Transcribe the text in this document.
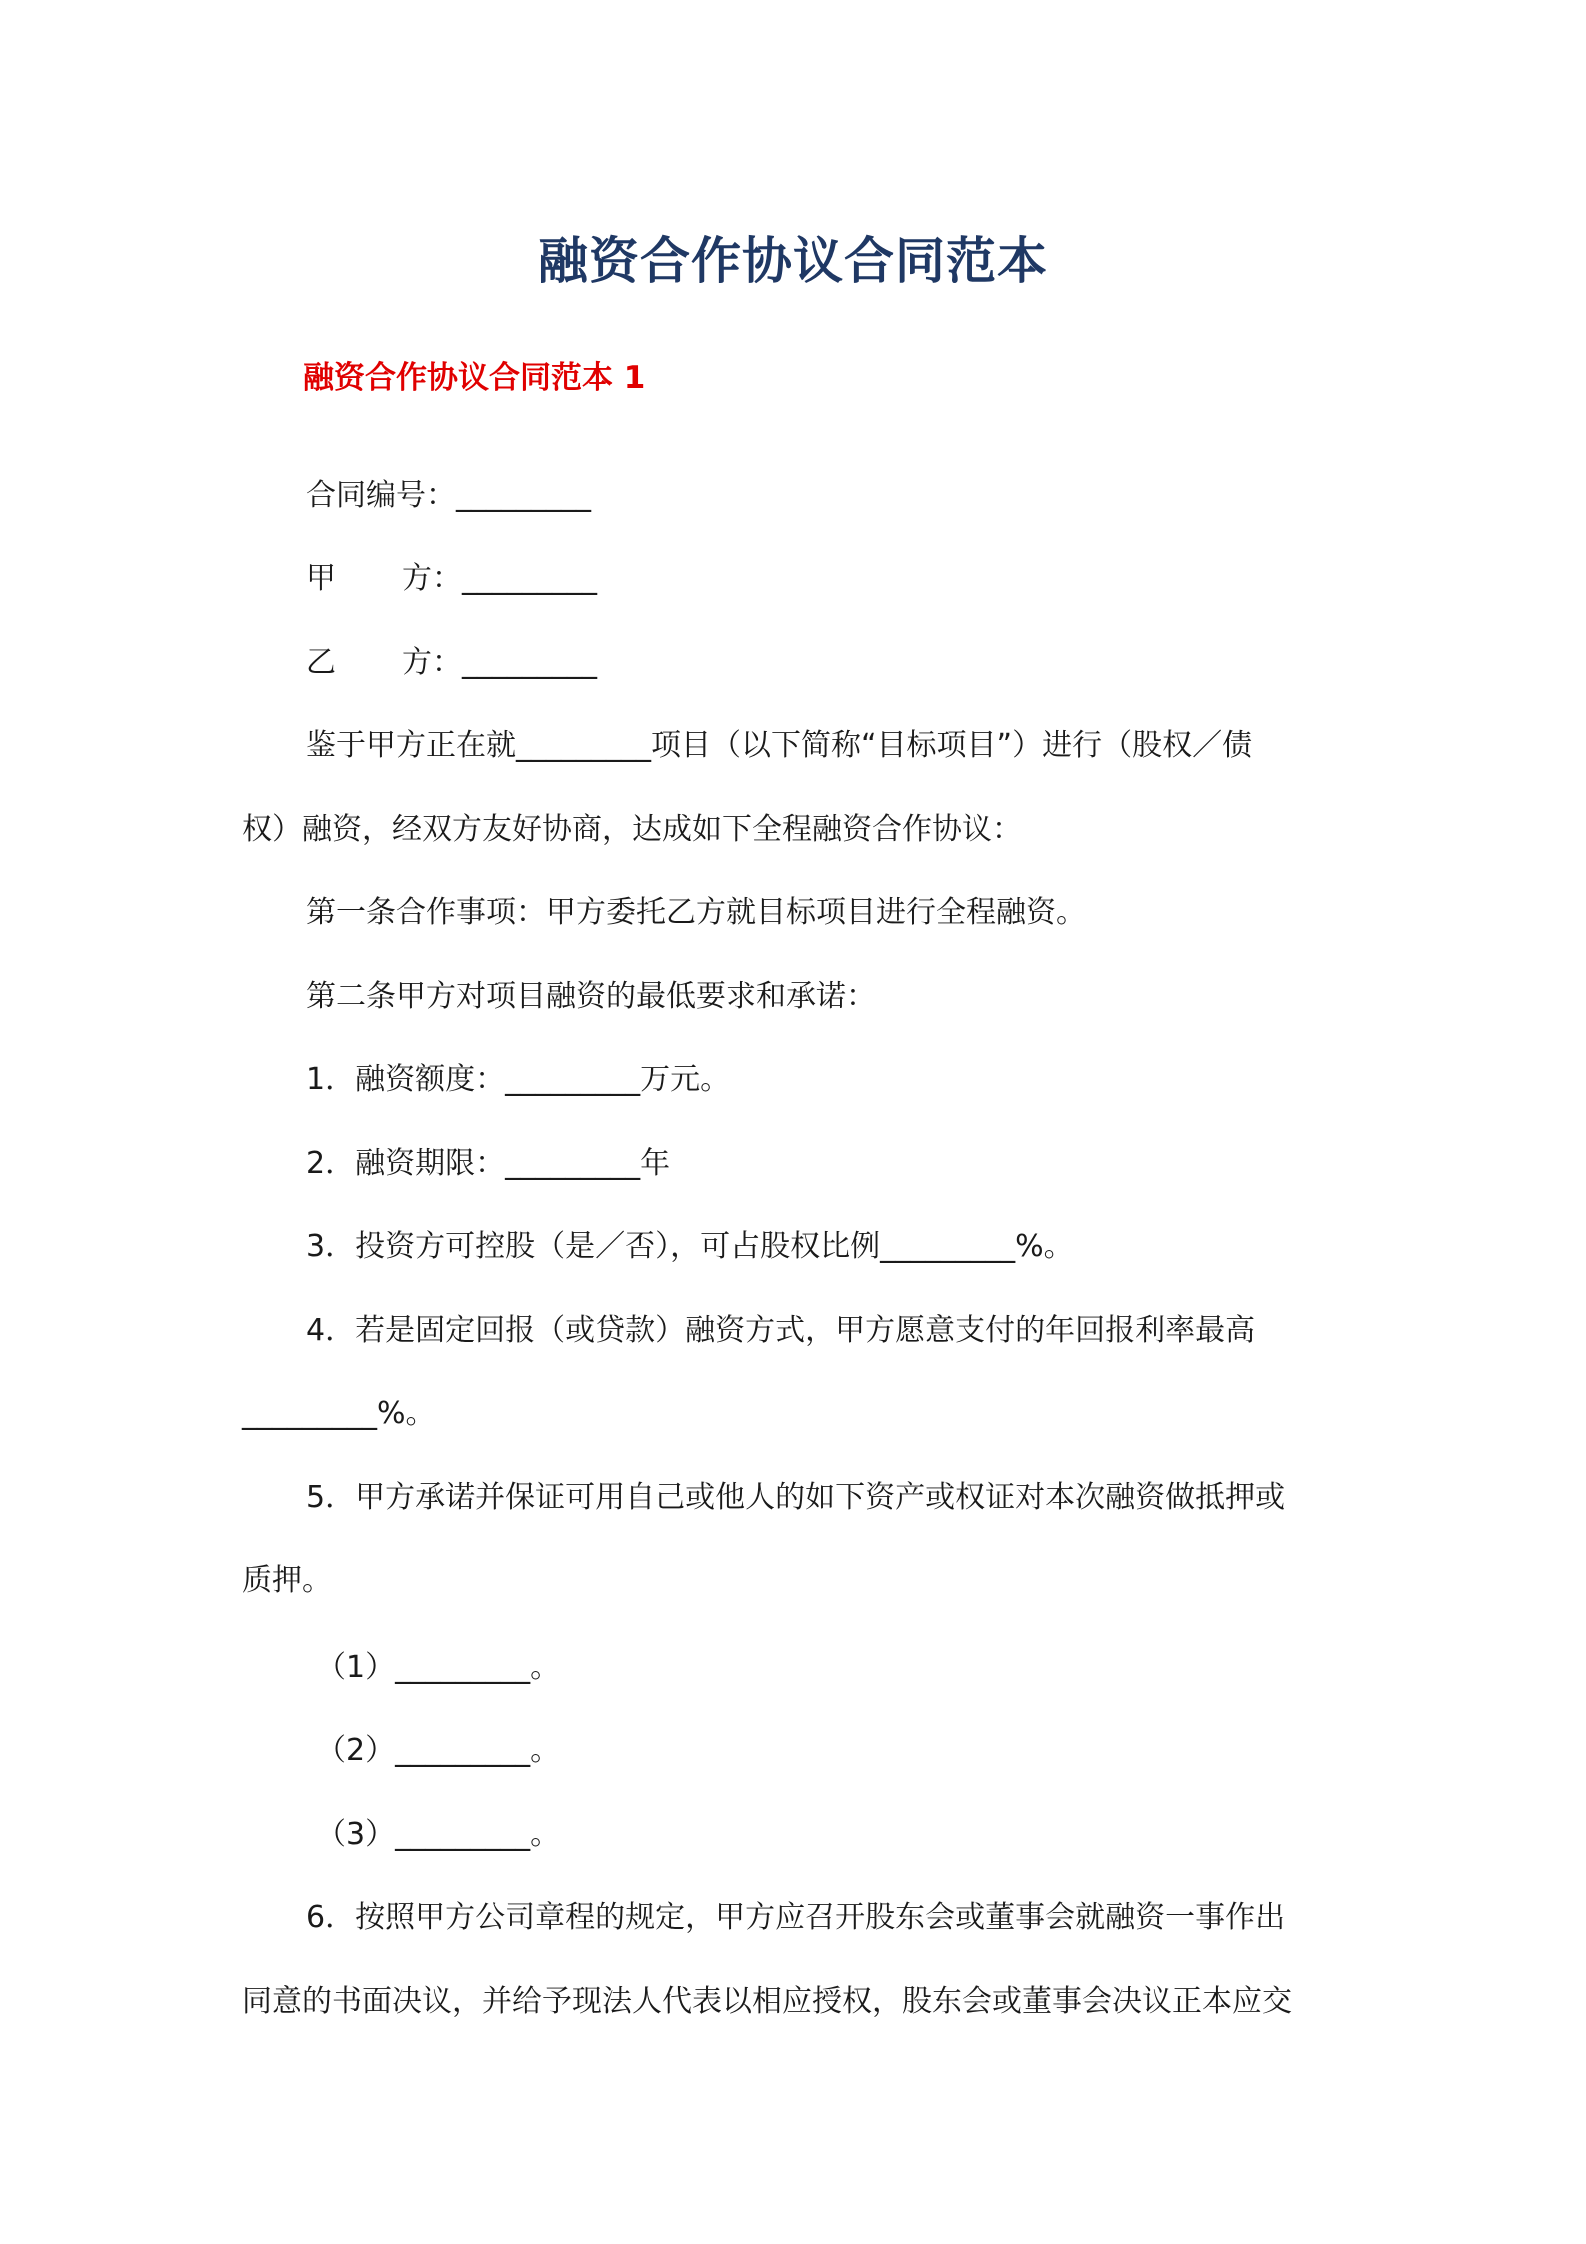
融资合作协议合同范本
融资合作协议合同范本 1
合同编号：_________
甲 方：_________
乙 方：_________
鉴于甲方正在就_________项目（以下简称“目标项目”）进行（股权／债
权）融资，经双方友好协商，达成如下全程融资合作协议：
第一条合作事项：甲方委托乙方就目标项目进行全程融资。
第二条甲方对项目融资的最低要求和承诺：
1．融资额度：_________万元。
2．融资期限：_________年
3．投资方可控股（是／否），可占股权比例_________%。
4．若是固定回报（或贷款）融资方式，甲方愿意支付的年回报利率最高
_________%。
5．甲方承诺并保证可用自己或他人的如下资产或权证对本次融资做抵押或
质押。
（1）_________。
（2）_________。
（3）_________。
6．按照甲方公司章程的规定，甲方应召开股东会或董事会就融资一事作出
同意的书面决议，并给予现法人代表以相应授权，股东会或董事会决议正本应交
